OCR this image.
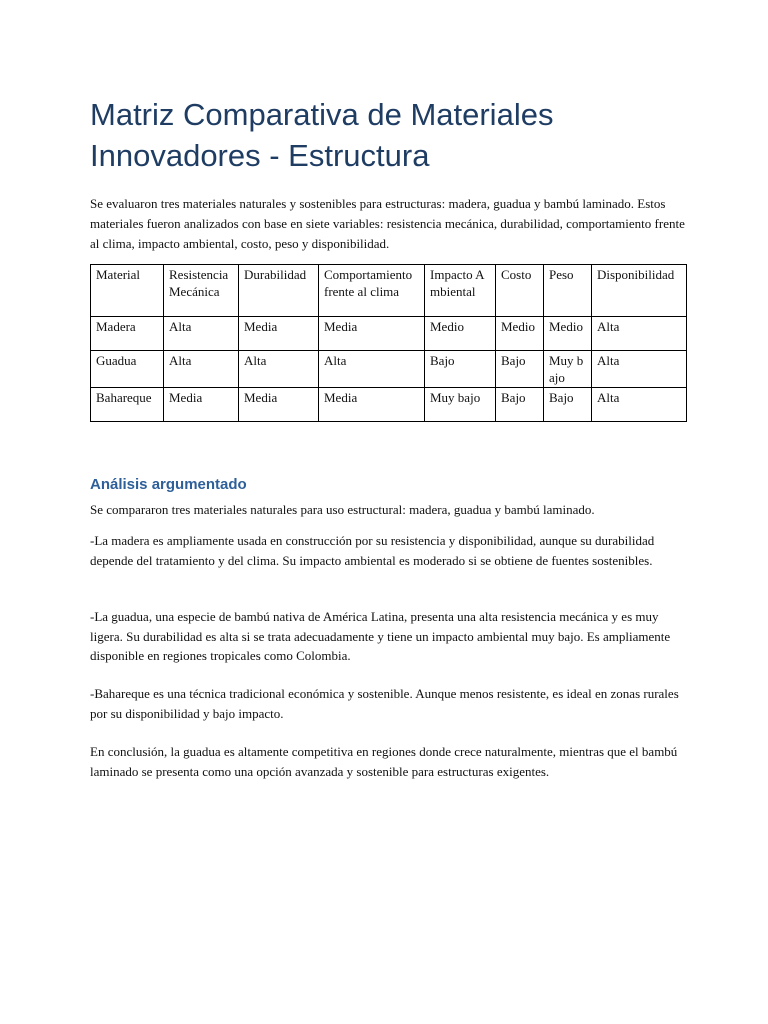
Matriz Comparativa de Materiales Innovadores - Estructura

Se evaluaron tres materiales naturales y sostenibles para estructuras: madera, guadua y bambú laminado. Estos materiales fueron analizados con base en siete variables: resistencia mecánica, durabilidad, comportamiento frente al clima, impacto ambiental, costo, peso y disponibilidad.

Material	Resistencia Mecánica	Durabilidad	Comportamiento frente al clima	Impacto Ambiental	Costo	Peso	Disponibilidad
Madera	Alta	Media	Media	Medio	Medio	Medio	Alta
Guadua	Alta	Alta	Alta	Bajo	Bajo	Muy bajo	Alta
Bahareque	Media	Media	Media	Muy bajo	Bajo	Bajo	Alta
Análisis argumentado

Se compararon tres materiales naturales para uso estructural: madera, guadua y bambú laminado.

-La madera es ampliamente usada en construcción por su resistencia y disponibilidad, aunque su durabilidad depende del tratamiento y del clima. Su impacto ambiental es moderado si se obtiene de fuentes sostenibles.

-La guadua, una especie de bambú nativa de América Latina, presenta una alta resistencia mecánica y es muy ligera. Su durabilidad es alta si se trata adecuadamente y tiene un impacto ambiental muy bajo. Es ampliamente disponible en regiones tropicales como Colombia.

-Bahareque es una técnica tradicional económica y sostenible. Aunque menos resistente, es ideal en zonas rurales por su disponibilidad y bajo impacto.

En conclusión, la guadua es altamente competitiva en regiones donde crece naturalmente, mientras que el bambú laminado se presenta como una opción avanzada y sostenible para estructuras exigentes.
